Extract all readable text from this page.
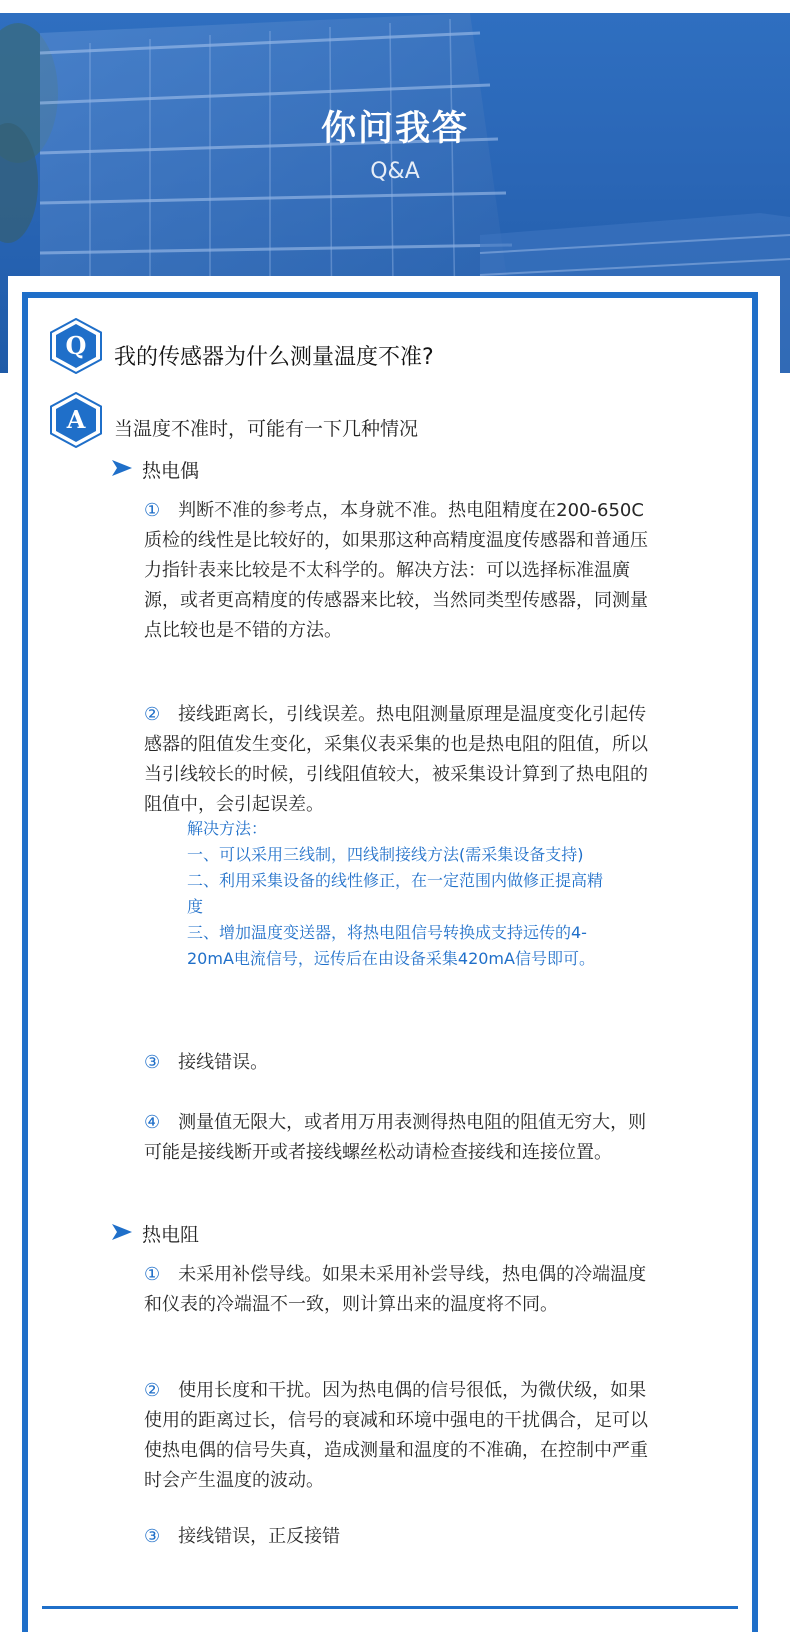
你问我答
Q&A
Q	我的传感器为什么测量温度不准?
A	当温度不准时，可能有一下几种情况
热电偶

① 判断不准的参考点，本身就不准。热电阻精度在200-650C质检的线性是比较好的，如果那这种高精度温度传感器和普通压力指针表来比较是不太科学的。解决方法：可以选择标准温廣源，或者更高精度的传感器来比较，当然同类型传感器，同测量点比较也是不错的方法。

② 接线距离长，引线误差。热电阻测量原理是温度变化引起传感器的阻值发生变化，采集仪表采集的也是热电阻的阻值，所以当引线较长的时候，引线阻值较大，被采集设计算到了热电阻的阻值中，会引起误差。

解决方法：
一、可以采用三线制，四线制接线方法(需采集设备支持)
二、利用采集设备的线性修正，在一定范围内做修正提高精度
三、增加温度变送器，将热电阻信号转换成支持远传的4- 20mA电流信号，远传后在由设备采集420mA信号即可。

③ 接线错误。

④ 测量值无限大，或者用万用表测得热电阻的阻值无穷大，则可能是接线断开或者接线螺丝松动请检查接线和连接位置。

热电阻

① 未采用补偿导线。如果未采用补尝导线，热电偶的冷端温度和仪表的冷端温不一致，则计算出来的温度将不同。

② 使用长度和干扰。因为热电偶的信号很低，为微伏级，如果使用的距离过长，信号的衰减和环境中强电的干扰偶合，足可以使热电偶的信号失真，造成测量和温度的不准确，在控制中严重时会产生温度的波动。

③ 接线错误，正反接错
